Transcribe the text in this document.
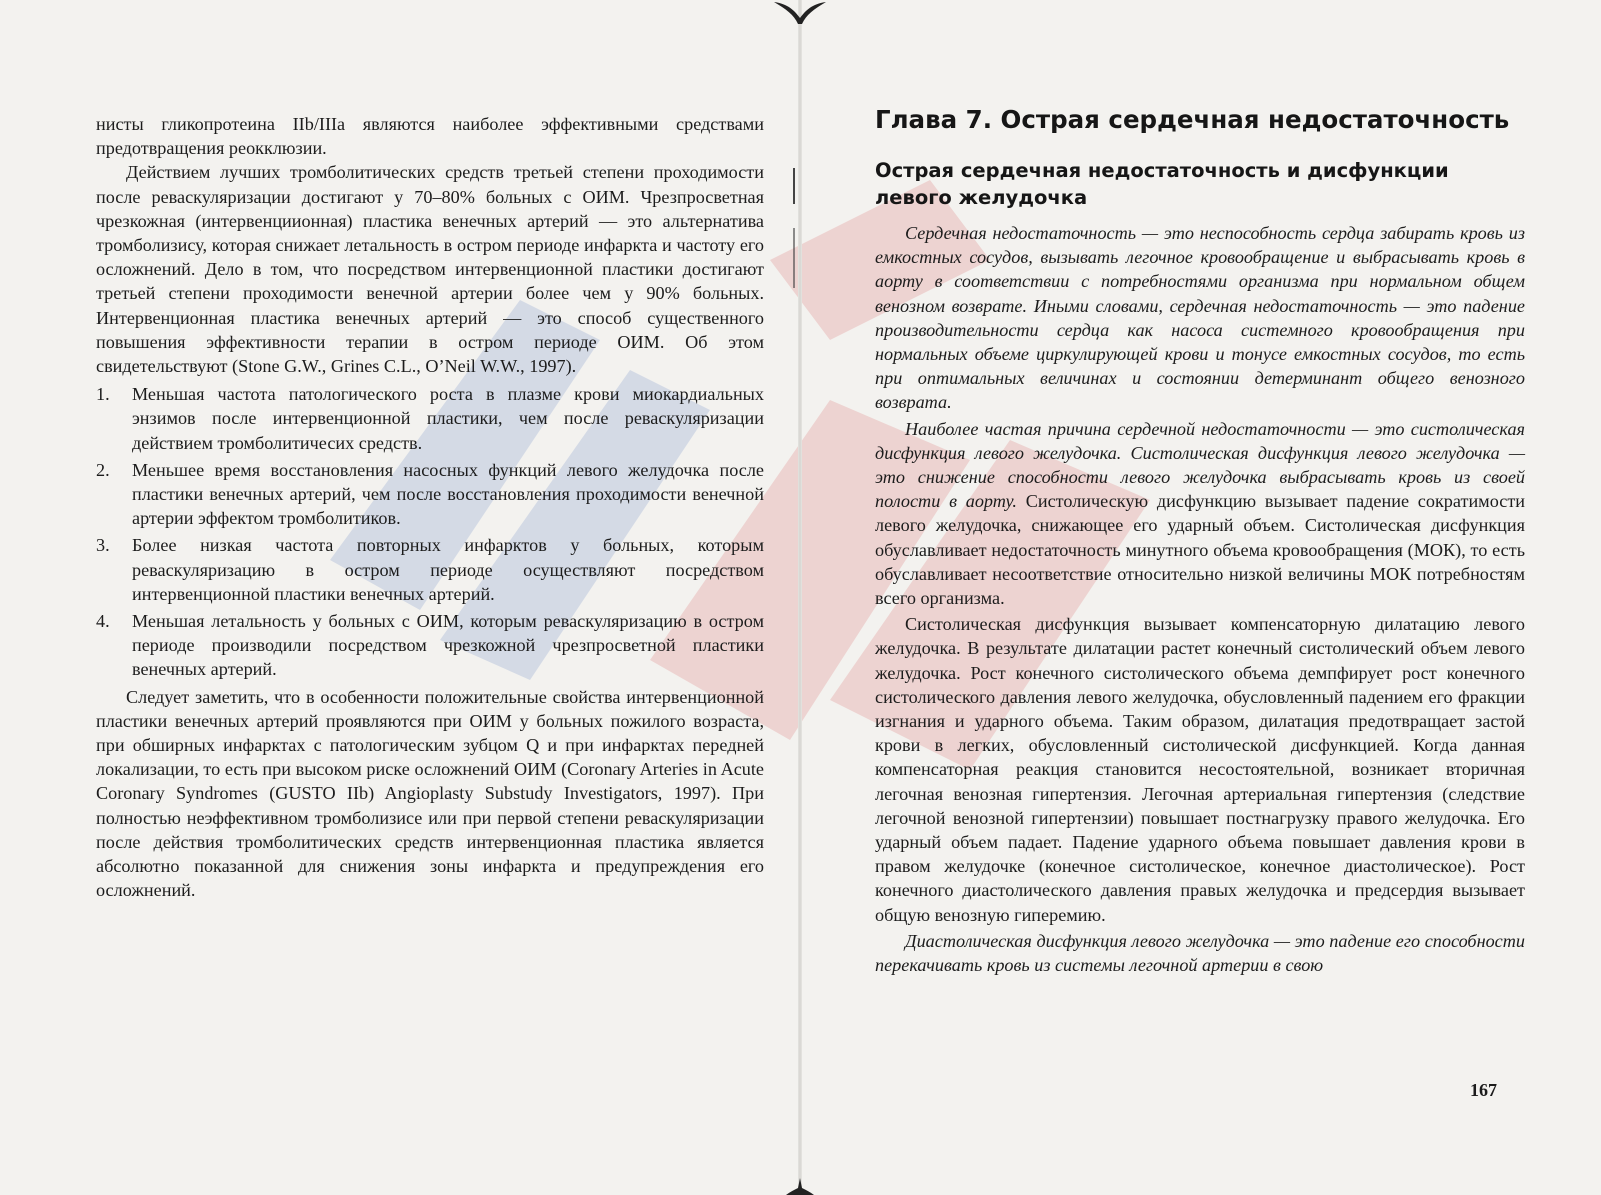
нисты гликопротеина IIb/IIIa являются наиболее эффективными средствами предотвращения реокклюзии.

Действием лучших тромболитических средств третьей степени проходимости после реваскуляризации достигают у 70–80% больных с ОИМ. Чрезпросветная чрезкожная (интервенциионная) пластика венечных артерий — это альтернатива тромболизису, которая снижает летальность в остром периоде инфаркта и частоту его осложнений. Дело в том, что посредством интервенционной пластики достигают третьей степени проходимости венечной артерии более чем у 90% больных. Интервенционная пластика венечных артерий — это способ существенного повышения эффективности терапии в остром периоде ОИМ. Об этом свидетельствуют (Stone G.W., Grines C.L., O’Neil W.W., 1997).

1.	Меньшая частота патологического роста в плазме крови миокардиальных энзимов после интервенционной пластики, чем после реваскуляризации действием тромболитичесих средств.
2.	Меньшее время восстановления насосных функций левого желудочка после пластики венечных артерий, чем после восстановления проходимости венечной артерии эффектом тромболитиков.
3.	Более низкая частота повторных инфарктов у больных, которым реваскуляризацию в остром периоде осуществляют посредством интервенционной пластики венечных артерий.
4.	Меньшая летальность у больных с ОИМ, которым реваскуляризацию в остром периоде производили посредством чрезкожной чрезпросветной пластики венечных артерий.

Следует заметить, что в особенности положительные свойства интервенционной пластики венечных артерий проявляются при ОИМ у больных пожилого возраста, при обширных инфарктах с патологическим зубцом Q и при инфарктах передней локализации, то есть при высоком риске осложнений ОИМ (Coronary Arteries in Acute Coronary Syndromes (GUSTO IIb) Angioplasty Substudy Investigators, 1997). При полностью неэффективном тромболизисе или при первой степени реваскуляризации после действия тромболитических средств интервенционная пластика является абсолютно показанной для снижения зоны инфаркта и предупреждения его осложнений.

Глава 7. Острая сердечная недостаточность
Острая сердечная недостаточность и дисфункции левого желудочка

Сердечная недостаточность — это неспособность сердца забирать кровь из емкостных сосудов, вызывать легочное кровообращение и выбрасывать кровь в аорту в соответствии с потребностями организма при нормальном общем венозном возврате. Иными словами, сердечная недостаточность — это падение производительности сердца как насоса системного кровообращения при нормальных объеме циркулирующей крови и тонусе емкостных сосудов, то есть при оптимальных величинах и состоянии детерминант общего венозного возврата.

Наиболее частая причина сердечной недостаточности — это систолическая дисфункция левого желудочка. Систолическая дисфункция левого желудочка — это снижение способности левого желудочка выбрасывать кровь из своей полости в аорту. Систолическую дисфункцию вызывает падение сократимости левого желудочка, снижающее его ударный объем. Систолическая дисфункция обуславливает недостаточность минутного объема кровообращения (МОК), то есть обуславливает несоответствие относительно низкой величины МОК потребностям всего организма.

Систолическая дисфункция вызывает компенсаторную дилатацию левого желудочка. В результате дилатации растет конечный систолический объем левого желудочка. Рост конечного систолического объема демпфирует рост конечного систолического давления левого желудочка, обусловленный падением его фракции изгнания и ударного объема. Таким образом, дилатация предотвращает застой крови в легких, обусловленный систолической дисфункцией. Когда данная компенсаторная реакция становится несостоятельной, возникает вторичная легочная венозная гипертензия. Легочная артериальная гипертензия (следствие легочной венозной гипертензии) повышает постнагрузку правого желудочка. Его ударный объем падает. Падение ударного объема повышает давления крови в правом желудочке (конечное систолическое, конечное диастолическое). Рост конечного диастолического давления правых желудочка и предсердия вызывает общую венозную гиперемию.

Диастолическая дисфункция левого желудочка — это падение его способности перекачивать кровь из системы легочной артерии в свою

167
